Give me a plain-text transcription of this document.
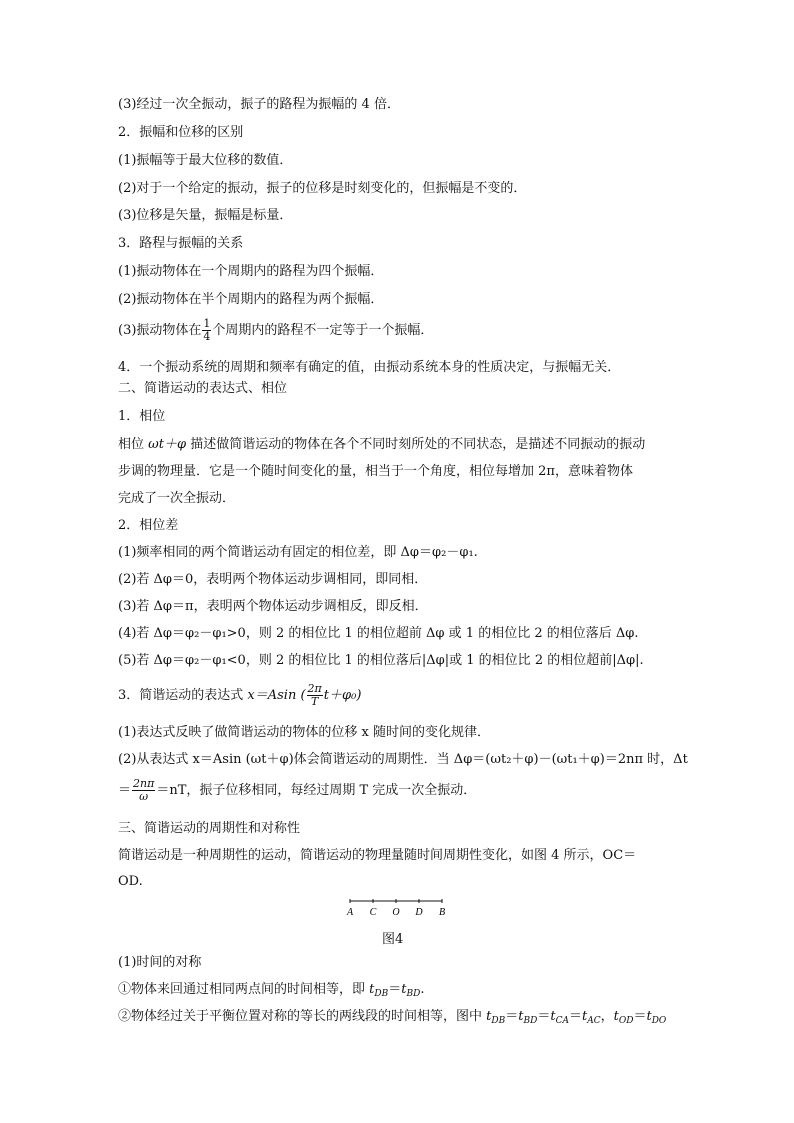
(3)经过一次全振动，振子的路程为振幅的 4 倍．
2．振幅和位移的区别
(1)振幅等于最大位移的数值．
(2)对于一个给定的振动，振子的位移是时刻变化的，但振幅是不变的．
(3)位移是矢量，振幅是标量．
3．路程与振幅的关系
(1)振动物体在一个周期内的路程为四个振幅．
(2)振动物体在半个周期内的路程为两个振幅．
(3)振动物体在 $\frac{1}{4}$ 个周期内的路程不一定等于一个振幅．
4．一个振动系统的周期和频率有确定的值，由振动系统本身的性质决定，与振幅无关．
二、简谐运动的表达式、相位
1．相位
相位 ωt＋φ 描述做简谐运动的物体在各个不同时刻所处的不同状态，是描述不同振动的振动
步调的物理量．它是一个随时间变化的量，相当于一个角度，相位每增加 2π，意味着物体
完成了一次全振动．
2．相位差
(1)频率相同的两个简谐运动有固定的相位差，即 Δφ＝φ₂－φ₁.
(2)若 Δφ＝0，表明两个物体运动步调相同，即同相．
(3)若 Δφ＝π，表明两个物体运动步调相反，即反相．
(4)若 Δφ＝φ₂－φ₁>0，则 2 的相位比 1 的相位超前 Δφ 或 1 的相位比 2 的相位落后 Δφ.
(5)若 Δφ＝φ₂－φ₁<0，则 2 的相位比 1 的相位落后|Δφ|或 1 的相位比 2 的相位超前|Δφ|.
3．简谐运动的表达式 x＝Asin ( $\frac{2\pi}{T} t+\varphi_0$)
(1)表达式反映了做简谐运动的物体的位移 x 随时间的变化规律．
(2)从表达式 x＝Asin (ωt＋φ)体会简谐运动的周期性．当 Δφ＝(ωt₂＋φ)－(ωt₁＋φ)＝2nπ 时，Δt
＝ $\frac{2n\pi}{\omega} =nT$，振子位移相同，每经过周期 T 完成一次全振动．
三、简谐运动的周期性和对称性
简谐运动是一种周期性的运动，简谐运动的物理量随时间周期性变化，如图 4 所示，OC＝
OD.
A C O D B
图4
(1)时间的对称
①物体来回通过相同两点间的时间相等，即 $t_{DB}=t_{BD}$.
②物体经过关于平衡位置对称的等长的两线段的时间相等，图中 $t_{DB}=t_{BD}=t_{CA}=t_{AC}$，$t_{OD}=t_{DO}$
